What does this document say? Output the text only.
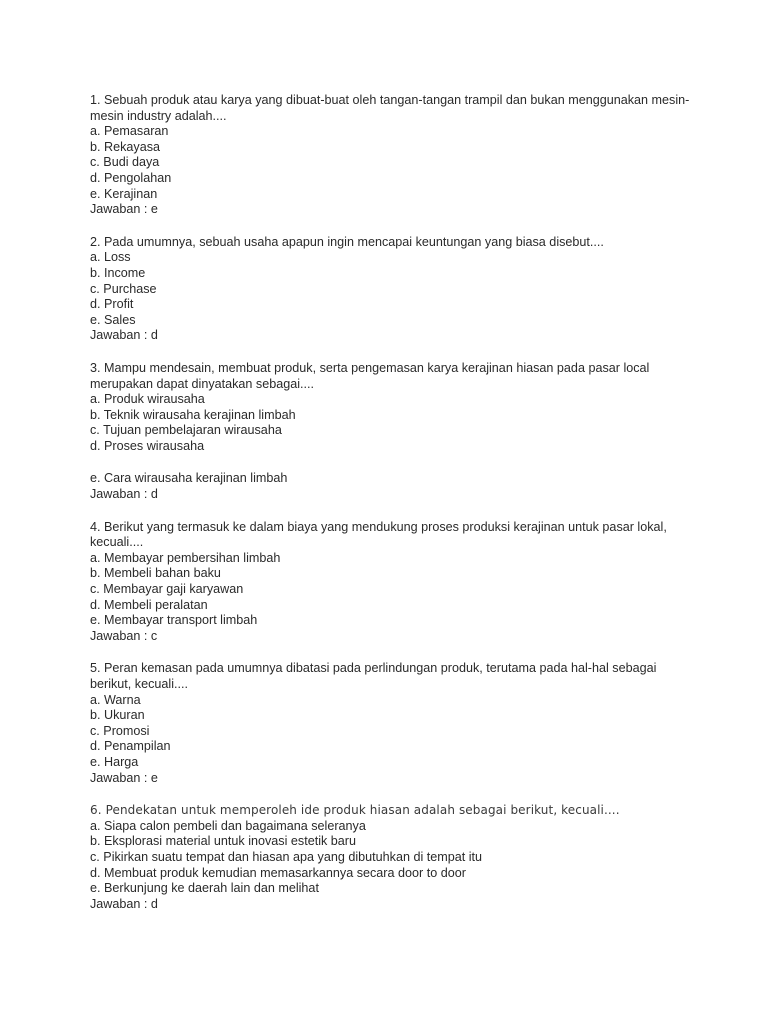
1. Sebuah produk atau karya yang dibuat-buat oleh tangan-tangan trampil dan bukan menggunakan mesin-mesin industry adalah....
a. Pemasaran
b. Rekayasa
c. Budi daya
d. Pengolahan
e. Kerajinan
Jawaban : e
2. Pada umumnya, sebuah usaha apapun ingin mencapai keuntungan yang biasa disebut....
a. Loss
b. Income
c. Purchase
d. Profit
e. Sales
Jawaban : d
3. Mampu mendesain, membuat produk, serta pengemasan karya kerajinan hiasan pada pasar local merupakan dapat dinyatakan sebagai....
a. Produk wirausaha
b. Teknik wirausaha kerajinan limbah
c. Tujuan pembelajaran wirausaha
d. Proses wirausaha
e. Cara wirausaha kerajinan limbah
Jawaban : d
4. Berikut yang termasuk ke dalam biaya yang mendukung proses produksi kerajinan untuk pasar lokal, kecuali....
a. Membayar pembersihan limbah
b. Membeli bahan baku
c. Membayar gaji karyawan
d. Membeli peralatan
e. Membayar transport limbah
Jawaban : c
5. Peran kemasan pada umumnya dibatasi pada perlindungan produk, terutama pada hal-hal sebagai berikut, kecuali....
a. Warna
b. Ukuran
c. Promosi
d. Penampilan
e. Harga
Jawaban : e
6. Pendekatan untuk memperoleh ide produk hiasan adalah sebagai berikut, kecuali....
a. Siapa calon pembeli dan bagaimana seleranya
b. Eksplorasi material untuk inovasi estetik baru
c. Pikirkan suatu tempat dan hiasan apa yang dibutuhkan di tempat itu
d. Membuat produk kemudian memasarkannya secara door to door
e. Berkunjung ke daerah lain dan melihat
Jawaban : d
